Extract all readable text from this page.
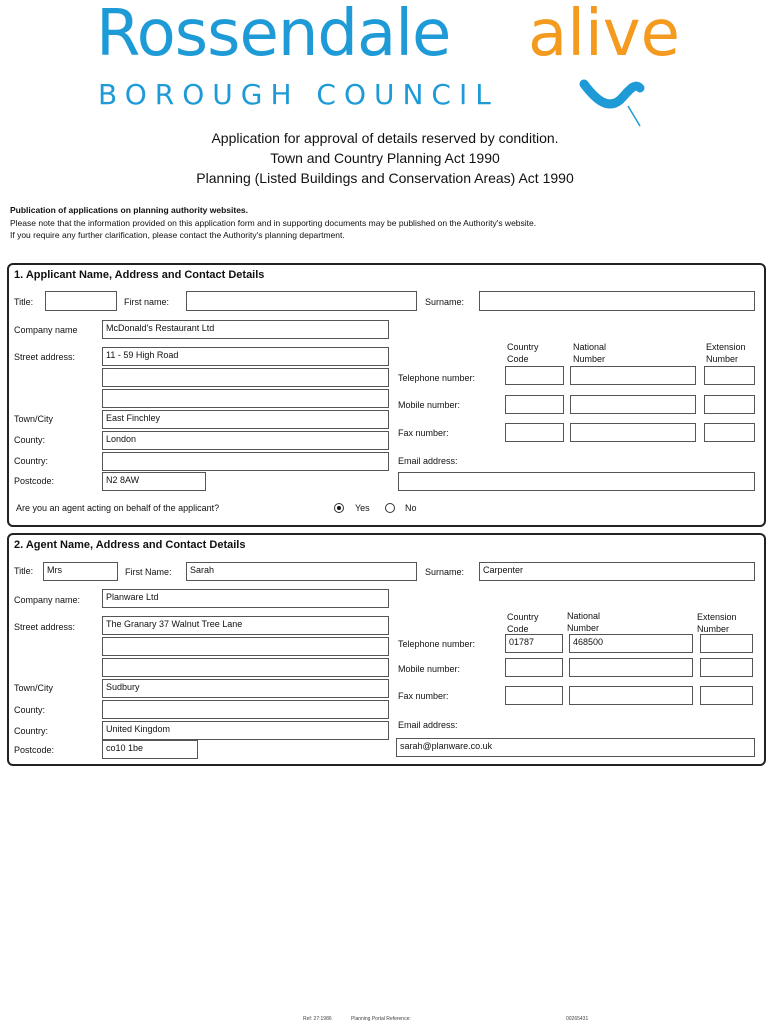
Rossendale alive
BOROUGH COUNCIL
Application for approval of details reserved by condition.
Town and Country Planning Act 1990
Planning (Listed Buildings and Conservation Areas) Act 1990
Publication of applications on planning authority websites.
Please note that the information provided on this application form and in supporting documents may be published on the Authority's website.
If you require any further clarification, please contact the Authority's planning department.
1. Applicant Name, Address and Contact Details
Title:	First name:	Surname:
Company name	McDonald's Restaurant Ltd
Street address:	11 - 59 High Road
Town/City	East Finchley
County:	London
Country:
Postcode:	N2 8AW
Country
Code
National
Number
Extension
Number
Telephone number:
Mobile number:
Fax number:
Email address:
Are you an agent acting on behalf of the applicant?	Yes	No
2. Agent Name, Address and Contact Details
Title:	Mrs	First Name:	Sarah	Surname:	Carpenter
Company name:	Planware Ltd
Street address:	The Granary 37 Walnut Tree Lane
Town/City	Sudbury
County:
Country:	United Kingdom
Postcode:	co10 1be
Country
Code
National
Number
Extension
Number
Telephone number:	01787	468500
Mobile number:
Fax number:
Email address:
sarah@planware.co.uk
Ref: 27:1986	Planning Portal Reference:	00265431
